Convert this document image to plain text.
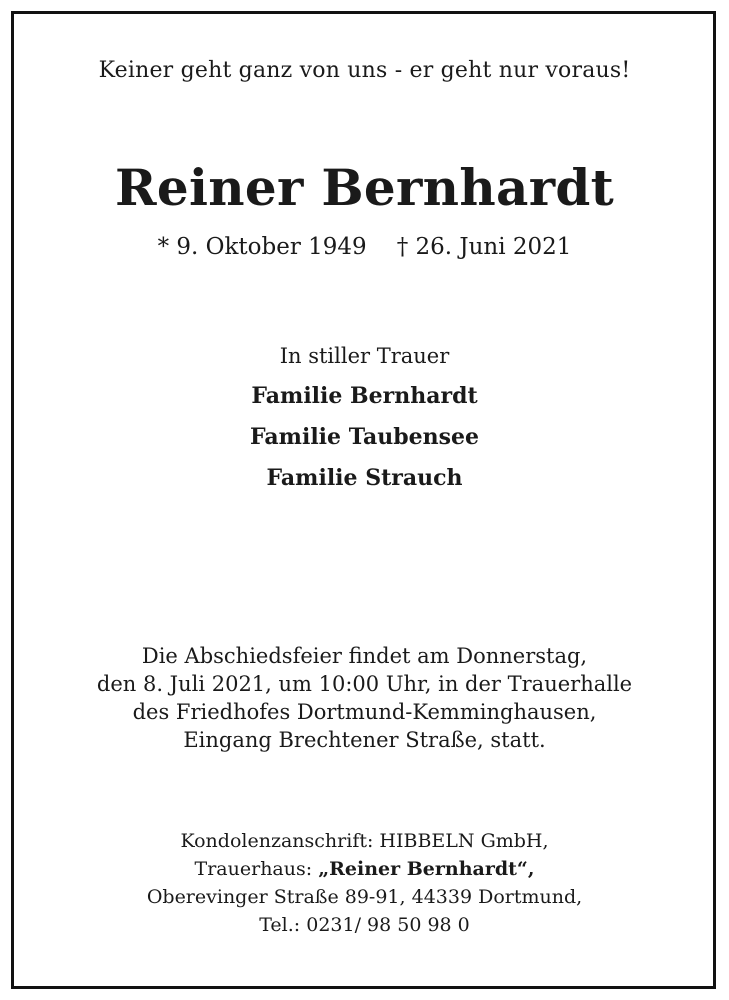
Keiner geht ganz von uns - er geht nur voraus!
Reiner Bernhardt
* 9. Oktober 1949 † 26. Juni 2021
In stiller Trauer
Familie Bernhardt
Familie Taubensee
Familie Strauch
Die Abschiedsfeier findet am Donnerstag,
den 8. Juli 2021, um 10:00 Uhr, in der Trauerhalle
des Friedhofes Dortmund-Kemminghausen,
Eingang Brechtener Straße, statt.
Kondolenzanschrift: HIBBELN GmbH,
Trauerhaus: „Reiner Bernhardt“,
Oberevinger Straße 89-91, 44339 Dortmund,
Tel.: 0231/ 98 50 98 0
